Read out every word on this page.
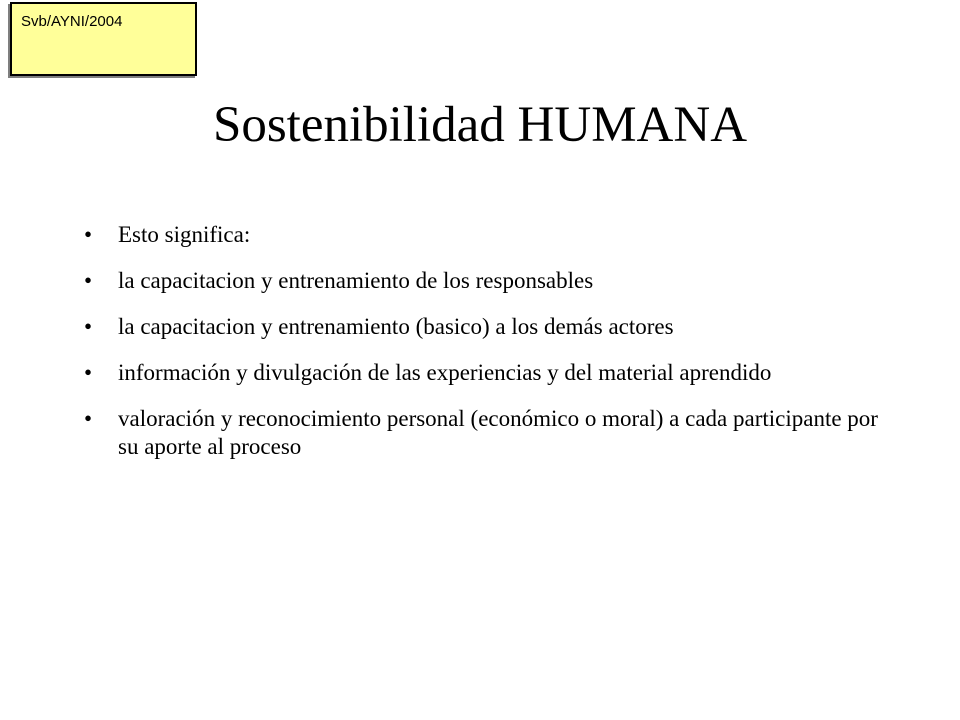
Svb/AYNI/2004
Sostenibilidad HUMANA
• Esto significa:
• la capacitacion y entrenamiento de los responsables
• la capacitacion y entrenamiento (basico) a los demás actores
• información y divulgación de las experiencias y del material aprendido
• valoración y reconocimiento personal (económico o moral) a cada participante por su aporte al proceso
